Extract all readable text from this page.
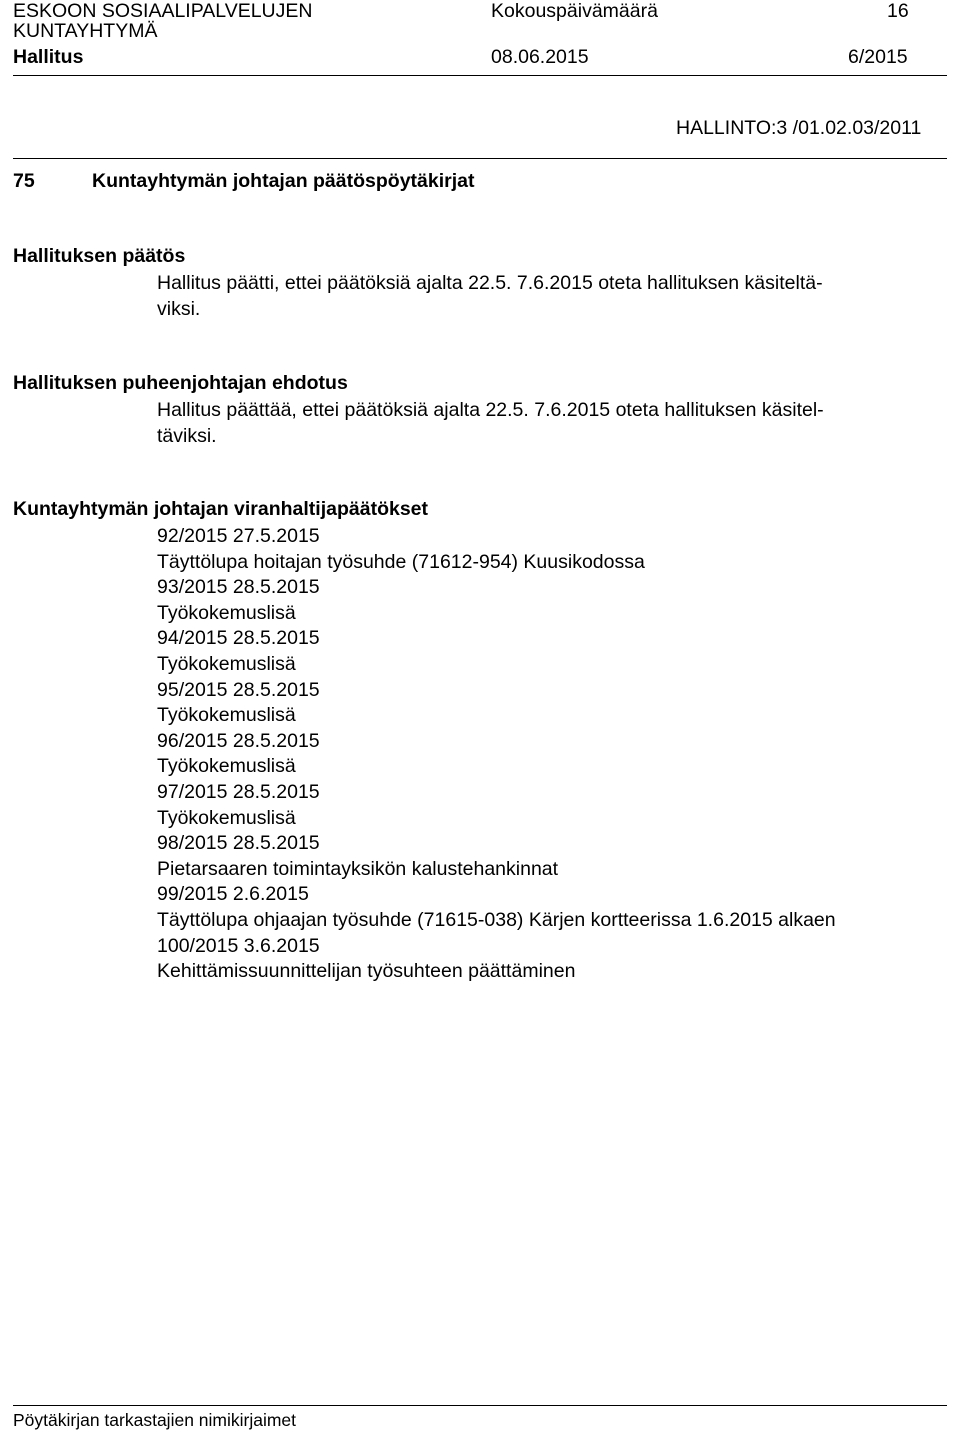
ESKOON SOSIAALIPALVELUJEN
KUNTAYHTYMÄ
Kokouspäivämäärä	16
Hallitus	08.06.2015	6/2015
HALLINTO:3 /01.02.03/2011
75	Kuntayhtymän johtajan päätöspöytäkirjat
Hallituksen päätös
Hallitus päätti, ettei päätöksiä ajalta 22.5. 7.6.2015 oteta hallituksen käsiteltä-
viksi.
Hallituksen puheenjohtajan ehdotus
Hallitus päättää, ettei päätöksiä ajalta 22.5. 7.6.2015 oteta hallituksen käsitel-
täviksi.
Kuntayhtymän johtajan viranhaltijapäätökset
92/2015 27.5.2015
Täyttölupa hoitajan työsuhde (71612-954) Kuusikodossa
93/2015 28.5.2015
Työkokemuslisä
94/2015 28.5.2015
Työkokemuslisä
95/2015 28.5.2015
Työkokemuslisä
96/2015 28.5.2015
Työkokemuslisä
97/2015 28.5.2015
Työkokemuslisä
98/2015 28.5.2015
Pietarsaaren toimintayksikön kalustehankinnat
99/2015 2.6.2015
Täyttölupa ohjaajan työsuhde (71615-038) Kärjen kortteerissa 1.6.2015 alkaen
100/2015 3.6.2015
Kehittämissuunnittelijan työsuhteen päättäminen
Pöytäkirjan tarkastajien nimikirjaimet
